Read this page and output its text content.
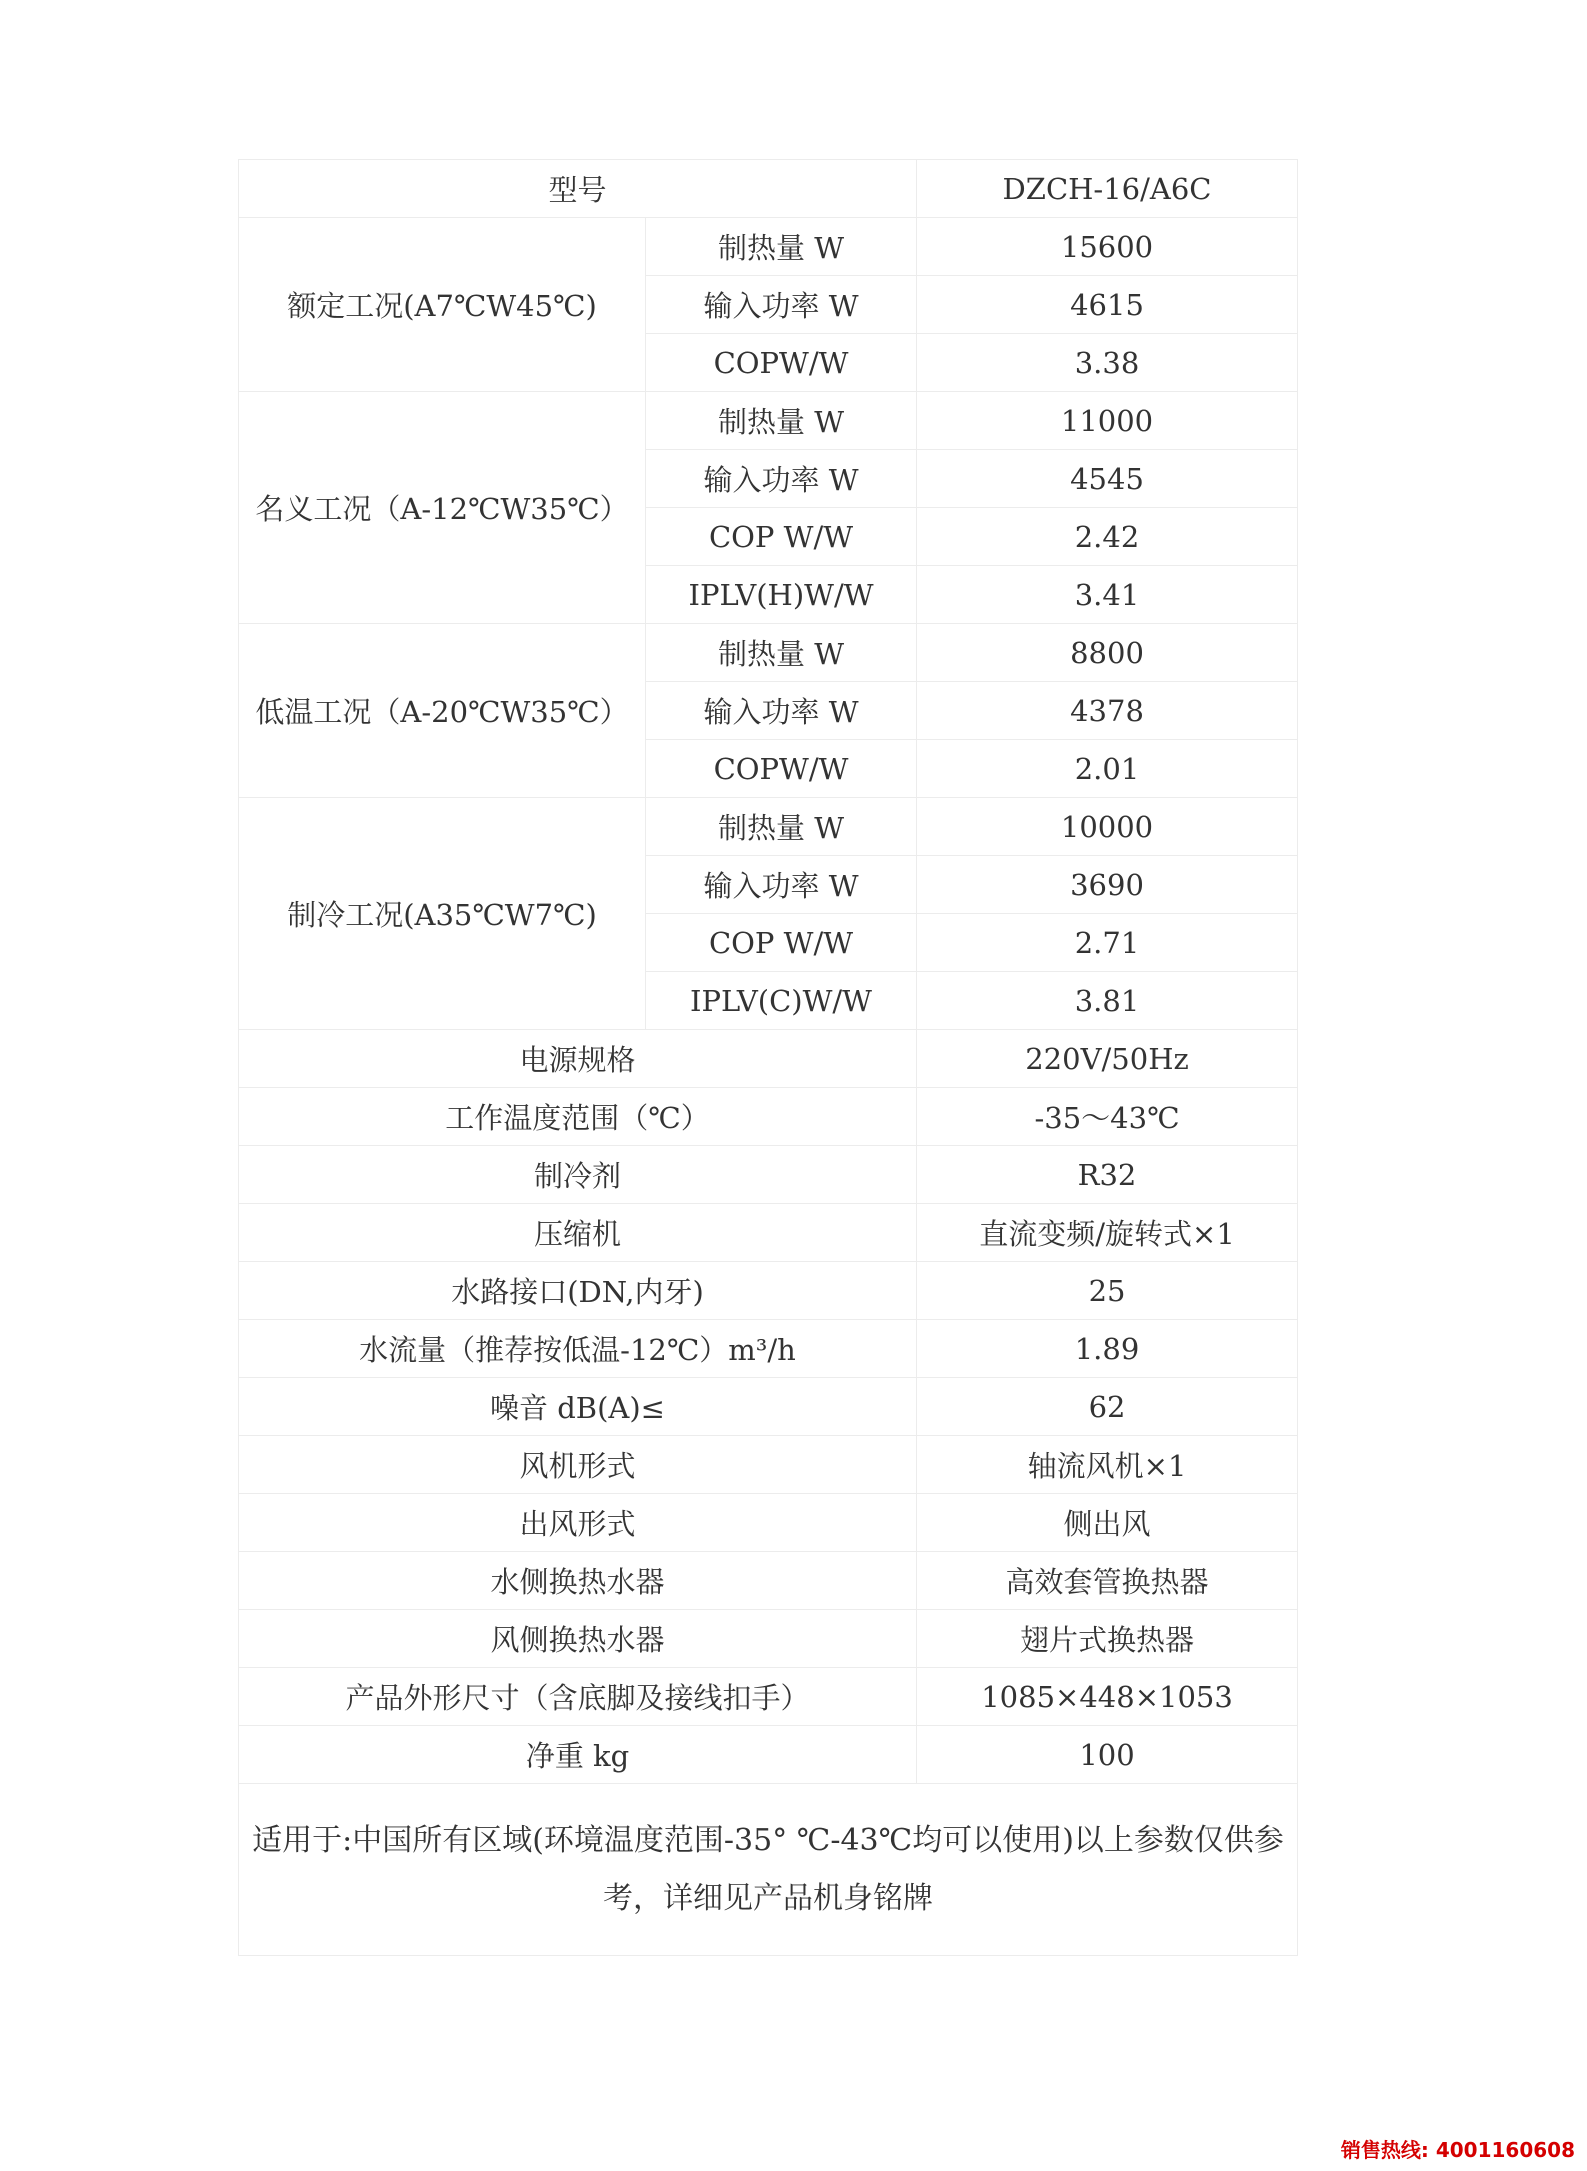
型号		DZCH-16/A6C
额定工况(A7℃W45℃)	制热量 W	15600
	输入功率 W	4615
	COPW/W	3.38
名义工况（A-12℃W35℃）	制热量 W	11000
	输入功率 W	4545
	COP W/W	2.42
	IPLV(H)W/W	3.41
低温工况（A-20℃W35℃）	制热量 W	8800
	输入功率 W	4378
	COPW/W	2.01
制冷工况(A35℃W7℃)	制热量 W	10000
	输入功率 W	3690
	COP W/W	2.71
	IPLV(C)W/W	3.81
电源规格		220V/50Hz
工作温度范围（℃）		-35～43℃
制冷剂		R32
压缩机		直流变频/旋转式×1
水路接口(DN,内牙)		25
水流量（推荐按低温-12℃）m³/h		1.89
噪音 dB(A)≤		62
风机形式		轴流风机×1
出风形式		侧出风
水侧换热水器		高效套管换热器
风侧换热水器		翅片式换热器
产品外形尺寸（含底脚及接线扣手）		1085×448×1053
净重 kg		100
适用于:中国所有区域(环境温度范围-35° ℃-43℃均可以使用)以上参数仅供参考，详细见产品机身铭牌		
销售热线: 4001160608
